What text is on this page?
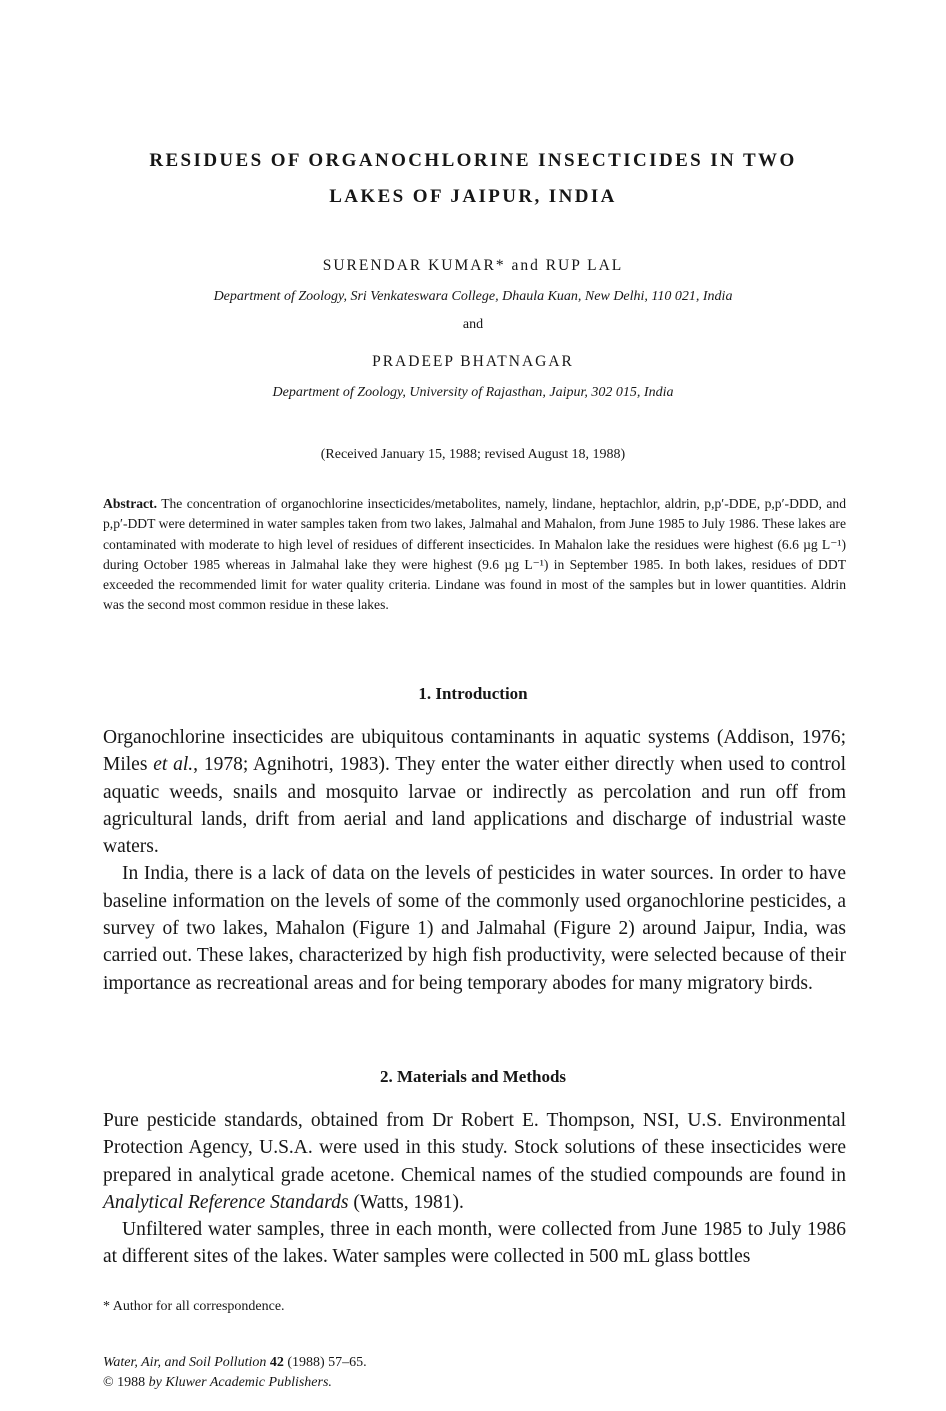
RESIDUES OF ORGANOCHLORINE INSECTICIDES IN TWO
LAKES OF JAIPUR, INDIA
SURENDAR KUMAR* and RUP LAL
Department of Zoology, Sri Venkateswara College, Dhaula Kuan, New Delhi, 110 021, India
and
PRADEEP BHATNAGAR
Department of Zoology, University of Rajasthan, Jaipur, 302 015, India
(Received January 15, 1988; revised August 18, 1988)

Abstract. The concentration of organochlorine insecticides/metabolites, namely, lindane, heptachlor, aldrin, p,p′-DDE, p,p′-DDD, and p,p′-DDT were determined in water samples taken from two lakes, Jalmahal and Mahalon, from June 1985 to July 1986. These lakes are contaminated with moderate to high level of residues of different insecticides. In Mahalon lake the residues were highest (6.6 µg L⁻¹) during October 1985 whereas in Jalmahal lake they were highest (9.6 µg L⁻¹) in September 1985. In both lakes, residues of DDT exceeded the recommended limit for water quality criteria. Lindane was found in most of the samples but in lower quantities. Aldrin was the second most common residue in these lakes.

1. Introduction

Organochlorine insecticides are ubiquitous contaminants in aquatic systems (Addison, 1976; Miles et al., 1978; Agnihotri, 1983). They enter the water either directly when used to control aquatic weeds, snails and mosquito larvae or indirectly as percolation and run off from agricultural lands, drift from aerial and land applications and discharge of industrial waste waters.

In India, there is a lack of data on the levels of pesticides in water sources. In order to have baseline information on the levels of some of the commonly used organochlorine pesticides, a survey of two lakes, Mahalon (Figure 1) and Jalmahal (Figure 2) around Jaipur, India, was carried out. These lakes, characterized by high fish productivity, were selected because of their importance as recreational areas and for being temporary abodes for many migratory birds.

2. Materials and Methods

Pure pesticide standards, obtained from Dr Robert E. Thompson, NSI, U.S. Environmental Protection Agency, U.S.A. were used in this study. Stock solutions of these insecticides were prepared in analytical grade acetone. Chemical names of the studied compounds are found in Analytical Reference Standards (Watts, 1981).

Unfiltered water samples, three in each month, were collected from June 1985 to July 1986 at different sites of the lakes. Water samples were collected in 500 mL glass bottles

* Author for all correspondence.
Water, Air, and Soil Pollution 42 (1988) 57–65.
© 1988 by Kluwer Academic Publishers.
